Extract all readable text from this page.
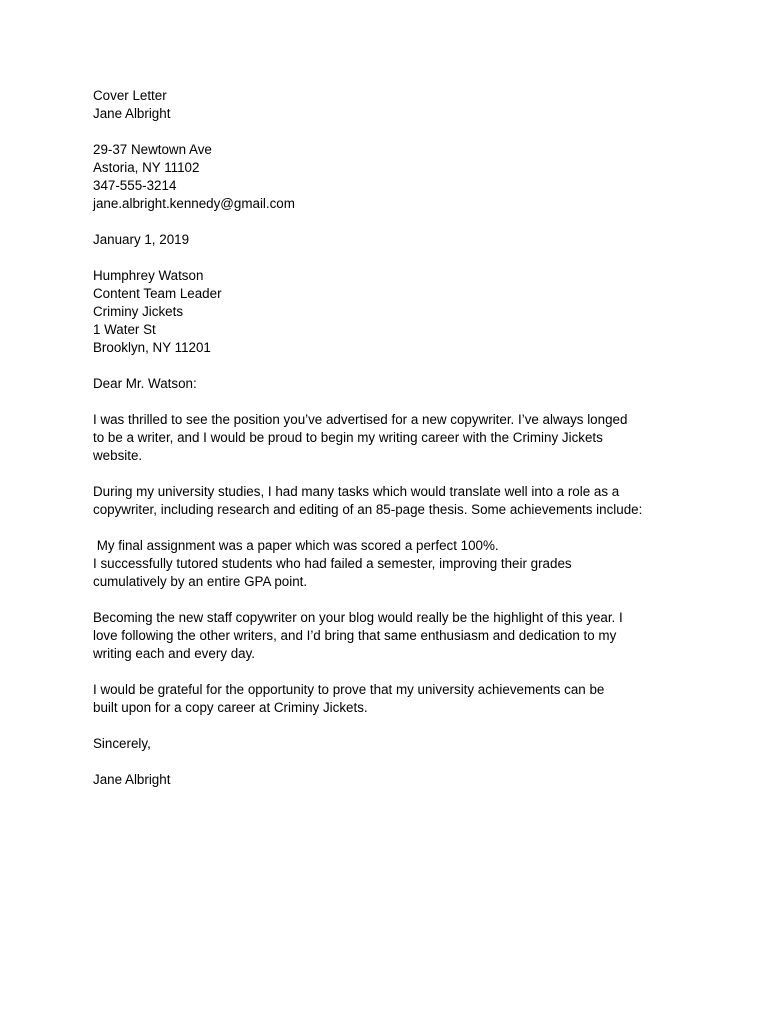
Cover Letter
Jane Albright
29-37 Newtown Ave
Astoria, NY 11102
347-555-3214
jane.albright.kennedy@gmail.com
January 1, 2019
Humphrey Watson
Content Team Leader
Criminy Jickets
1 Water St
Brooklyn, NY 11201
Dear Mr. Watson:
I was thrilled to see the position you’ve advertised for a new copywriter. I’ve always longed
to be a writer, and I would be proud to begin my writing career with the Criminy Jickets
website.
During my university studies, I had many tasks which would translate well into a role as a
copywriter, including research and editing of an 85-page thesis. Some achievements include:
My final assignment was a paper which was scored a perfect 100%.
I successfully tutored students who had failed a semester, improving their grades
cumulatively by an entire GPA point.
Becoming the new staff copywriter on your blog would really be the highlight of this year. I
love following the other writers, and I’d bring that same enthusiasm and dedication to my
writing each and every day.
I would be grateful for the opportunity to prove that my university achievements can be
built upon for a copy career at Criminy Jickets.
Sincerely,
Jane Albright
